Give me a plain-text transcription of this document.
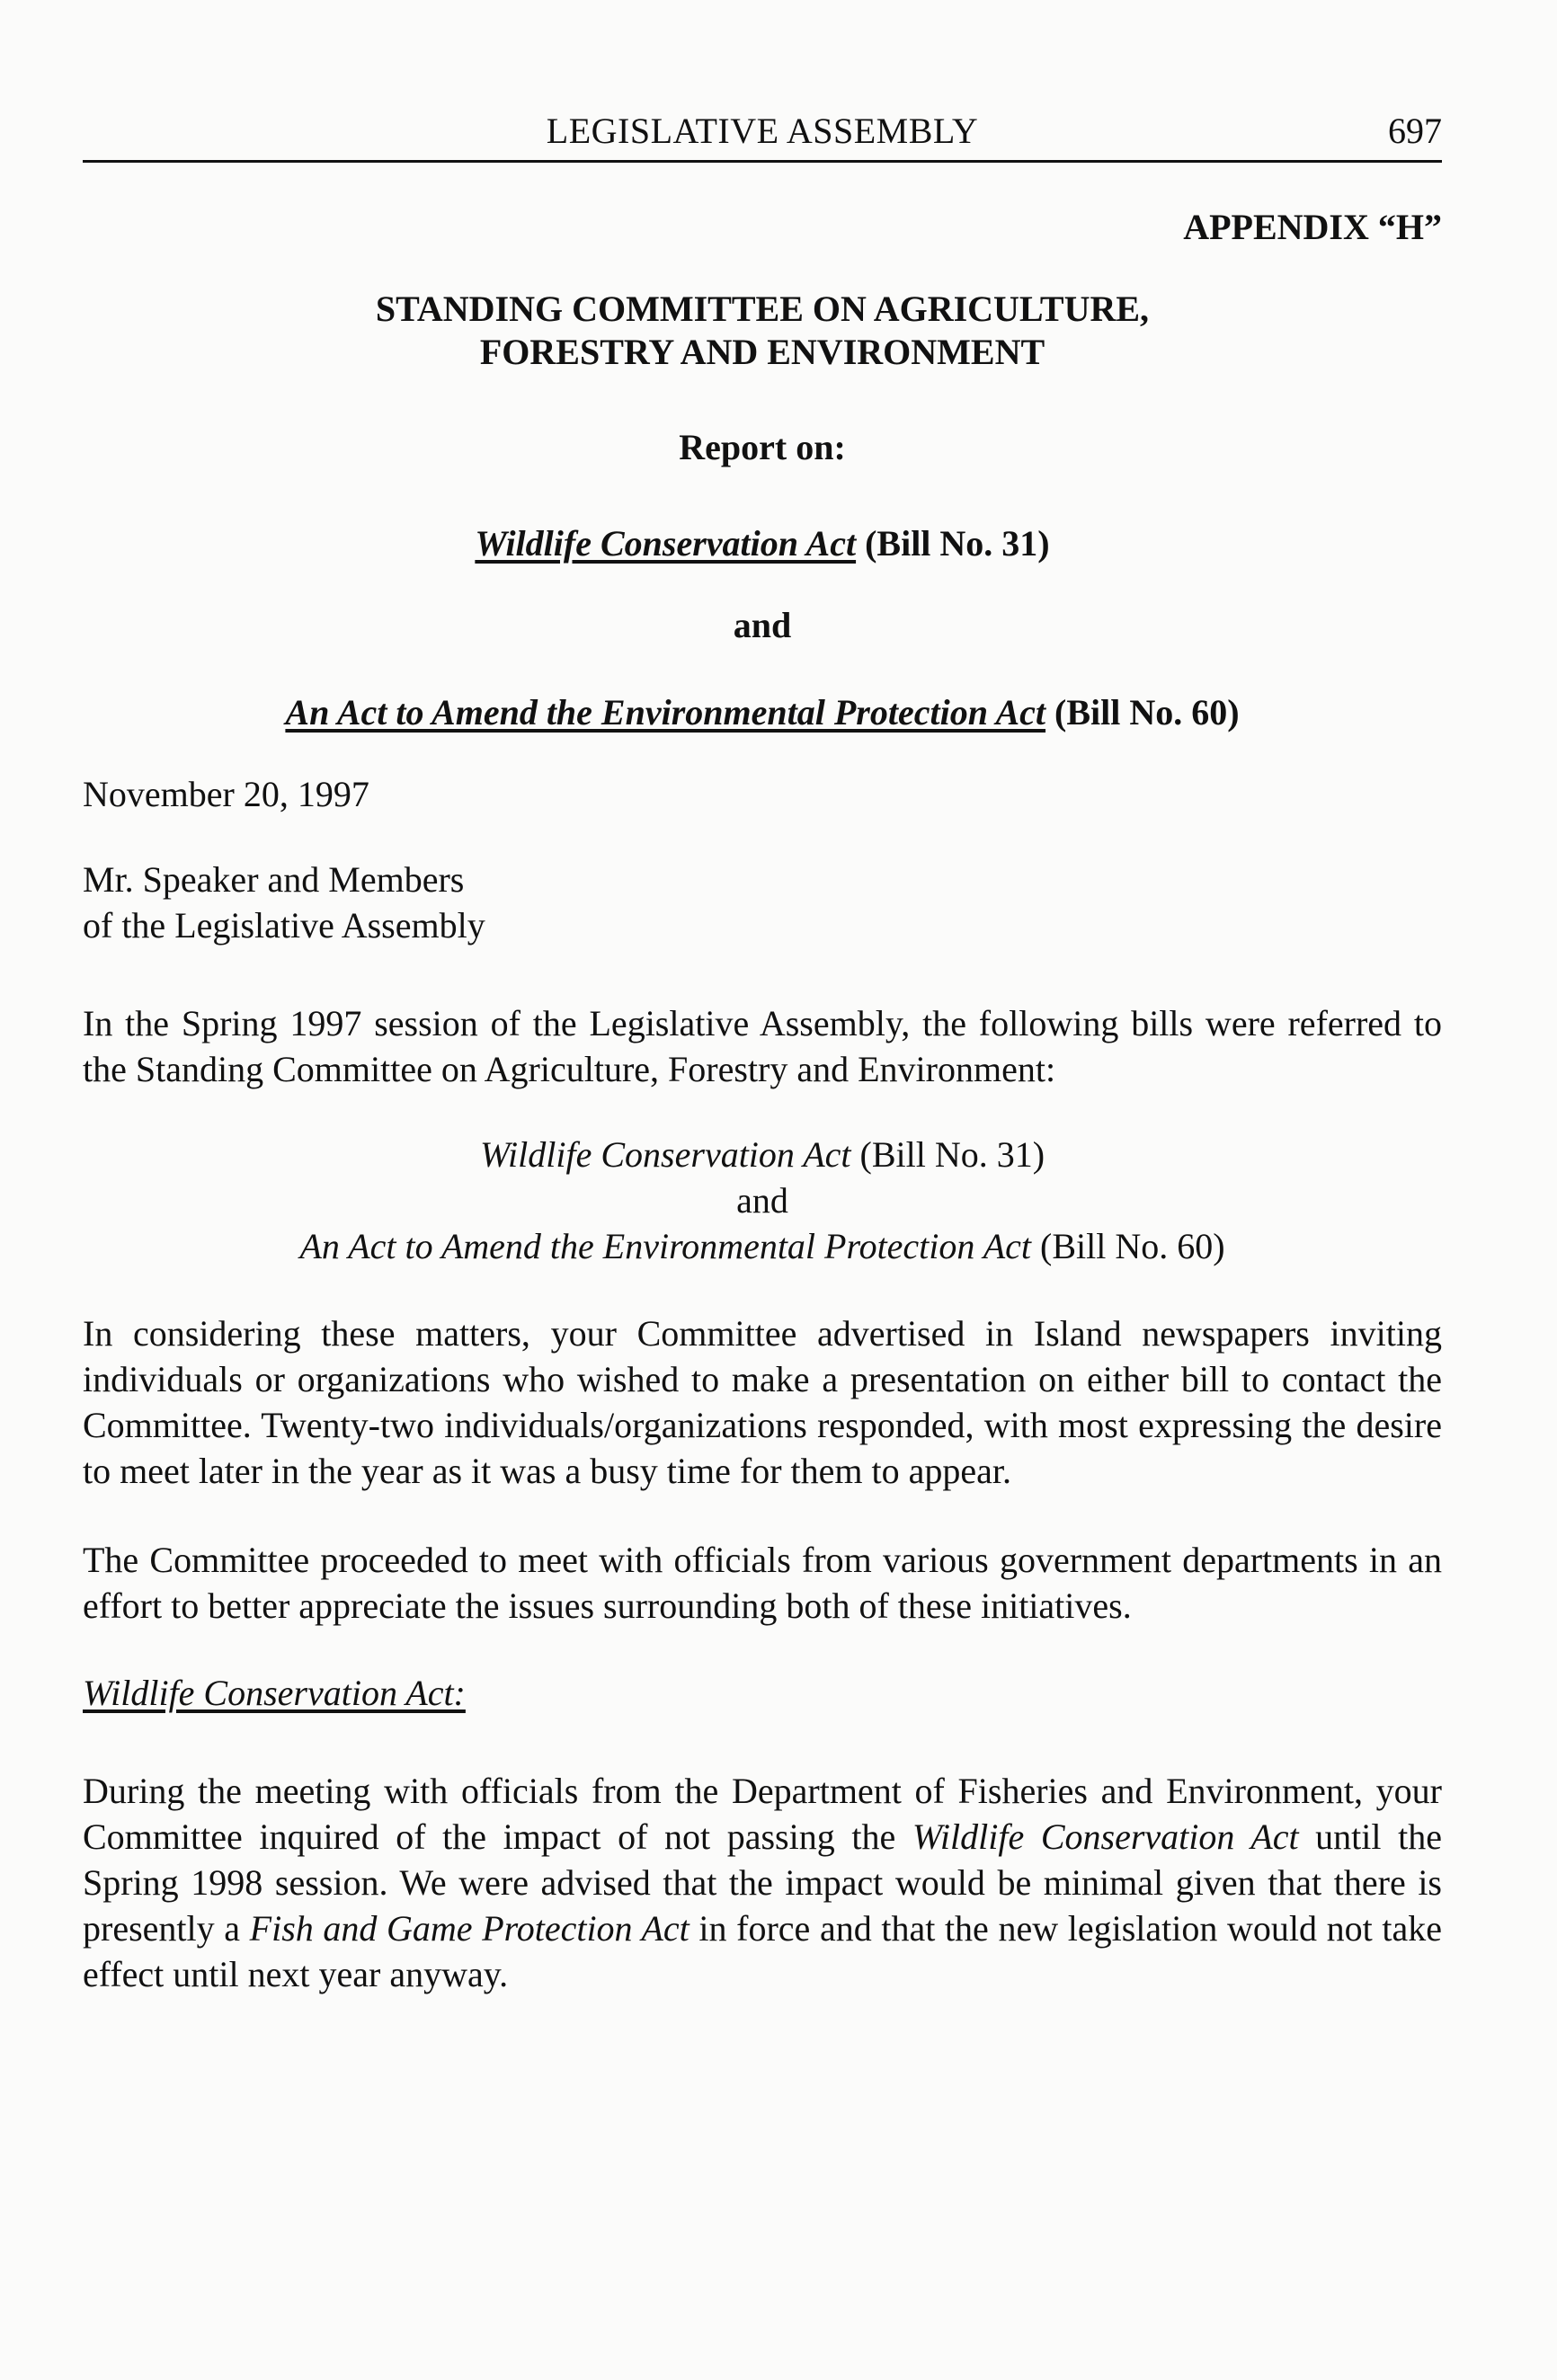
LEGISLATIVE ASSEMBLY	697
APPENDIX “H”
STANDING COMMITTEE ON AGRICULTURE,
FORESTRY AND ENVIRONMENT
Report on:
Wildlife Conservation Act (Bill No. 31)
and
An Act to Amend the Environmental Protection Act (Bill No. 60)
November 20, 1997
Mr. Speaker and Members
of the Legislative Assembly

In the Spring 1997 session of the Legislative Assembly, the following bills were referred to the Standing Committee on Agriculture, Forestry and Environment:

Wildlife Conservation Act (Bill No. 31)
and
An Act to Amend the Environmental Protection Act (Bill No. 60)

In considering these matters, your Committee advertised in Island newspapers inviting individuals or organizations who wished to make a presentation on either bill to contact the Committee. Twenty-two individuals/organizations responded, with most expressing the desire to meet later in the year as it was a busy time for them to appear.

The Committee proceeded to meet with officials from various government departments in an effort to better appreciate the issues surrounding both of these initiatives.

Wildlife Conservation Act:

During the meeting with officials from the Department of Fisheries and Environment, your Committee inquired of the impact of not passing the Wildlife Conservation Act until the Spring 1998 session. We were advised that the impact would be minimal given that there is presently a Fish and Game Protection Act in force and that the new legislation would not take effect until next year anyway.
